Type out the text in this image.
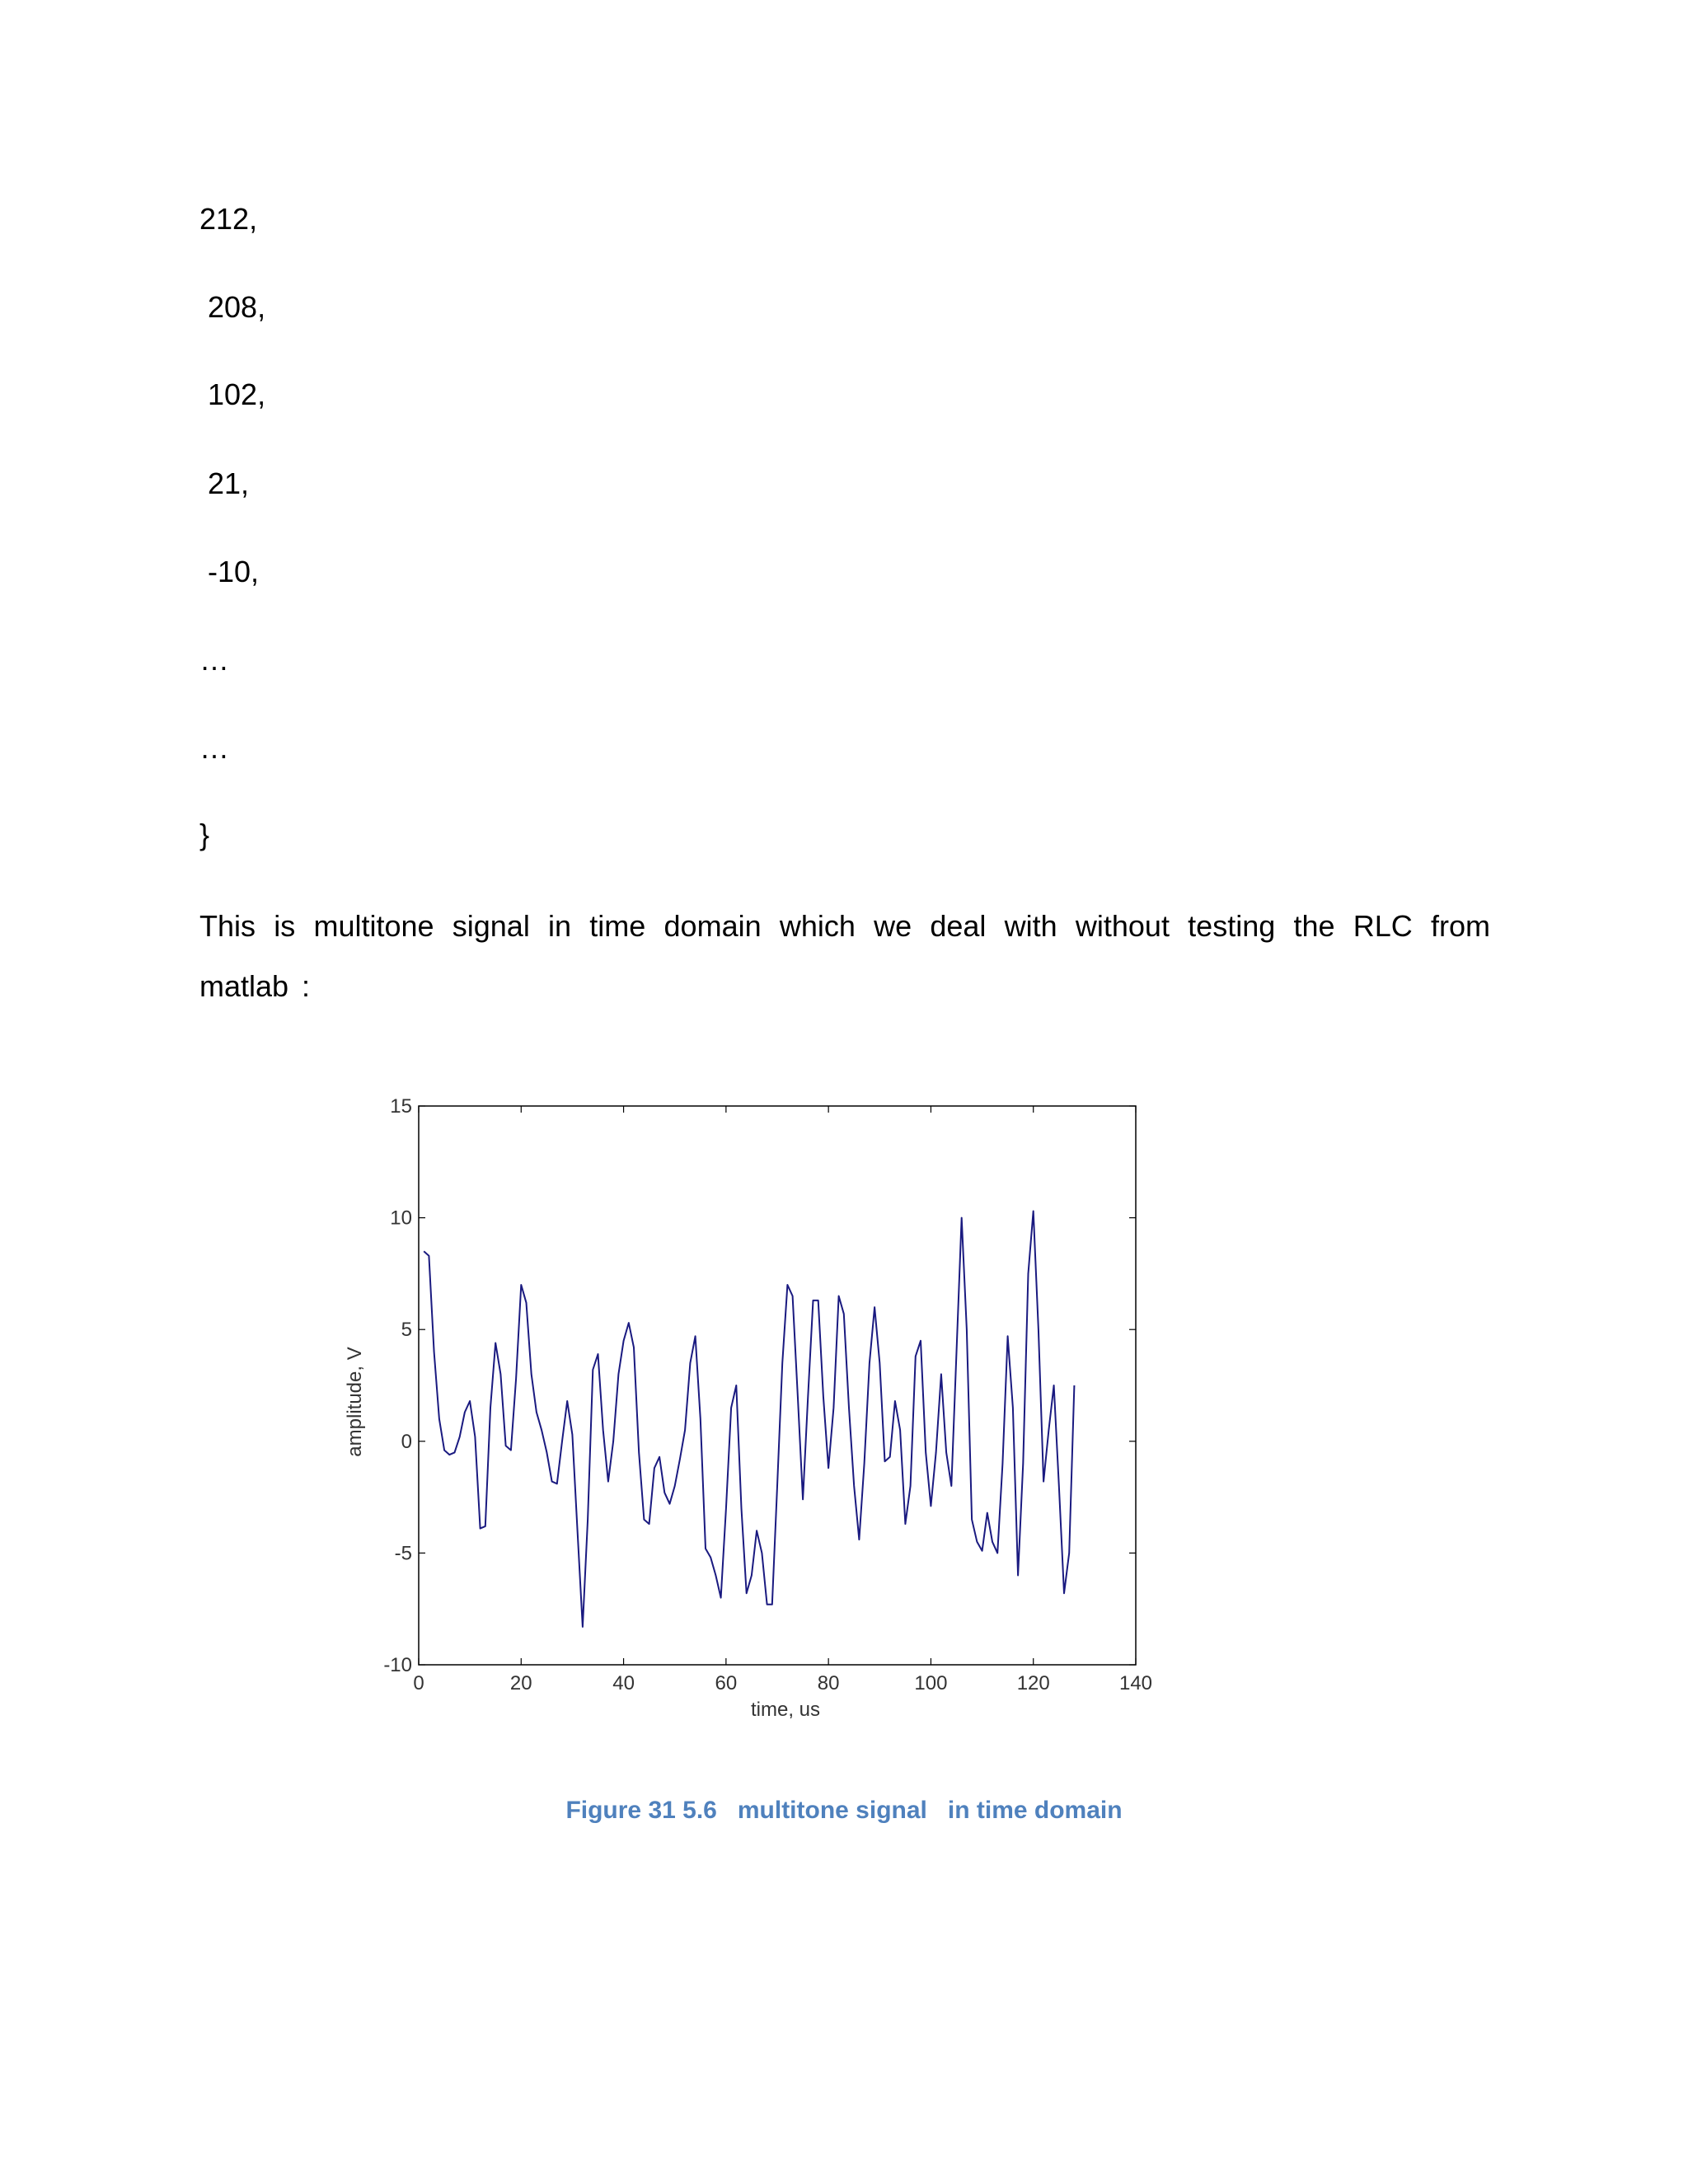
212,
208,
102,
21,
-10,
…
…
}
This is multitone signal in time domain which we deal with without testing the RLC from matlab :
0	20	40	60	80	100	120	140
-10
-5
0
5
10
15
time, us
amplitude, V
Figure 31 5.6   multitone signal   in time domain
